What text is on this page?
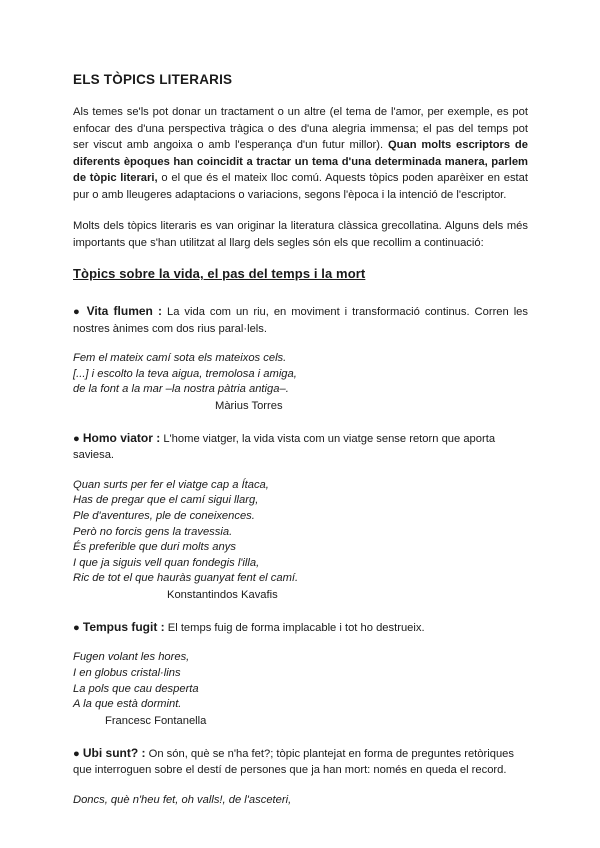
ELS TÒPICS LITERARIS

Als temes se'ls pot donar un tractament o un altre (el tema de l'amor, per exemple, es pot enfocar des d'una perspectiva tràgica o des d'una alegria immensa; el pas del temps pot ser viscut amb angoixa o amb l'esperança d'un futur millor). Quan molts escriptors de diferents èpoques han coincidit a tractar un tema d'una determinada manera, parlem de tòpic literari, o el que és el mateix lloc comú. Aquests tòpics poden aparèixer en estat pur o amb lleugeres adaptacions o variacions, segons l'època i la intenció de l'escriptor.

Molts dels tòpics literaris es van originar la literatura clàssica grecollatina. Alguns dels més importants que s'han utilitzat al llarg dels segles són els que recollim a continuació:

Tòpics sobre la vida, el pas del temps i la mort

● Vita flumen : La vida com un riu, en moviment i transformació continus. Corren les nostres ànimes com dos rius paral·lels.

Fem el mateix camí sota els mateixos cels.
[...] i escolto la teva aigua, tremolosa i amiga,
de la font a la mar –la nostra pàtria antiga–.
Màrius Torres

● Homo viator : L'home viatger, la vida vista com un viatge sense retorn que aporta saviesa.

Quan surts per fer el viatge cap a Ítaca,
Has de pregar que el camí sigui llarg,
Ple d'aventures, ple de coneixences.
Però no forcis gens la travessia.
És preferible que duri molts anys
I que ja siguis vell quan fondegis l'illa,
Ric de tot el que hauràs guanyat fent el camí.
Konstantindos Kavafis

● Tempus fugit : El temps fuig de forma implacable i tot ho destrueix.

Fugen volant les hores,
I en globus cristal·lins
La pols que cau desperta
A la que està dormint.
Francesc Fontanella

● Ubi sunt? : On són, què se n'ha fet?; tòpic plantejat en forma de preguntes retòriques que interroguen sobre el destí de persones que ja han mort: només en queda el record.

Doncs, què n'heu fet, oh valls!, de l'asceteri,
